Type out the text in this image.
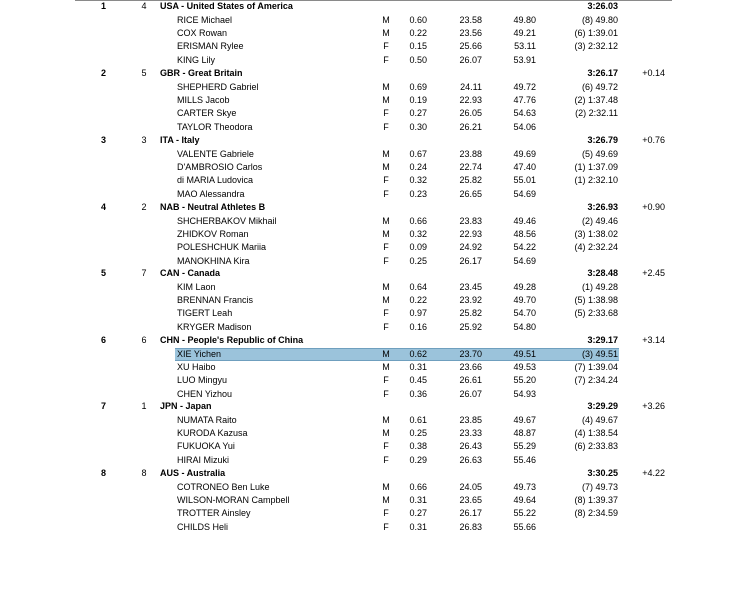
1	4	USA - United States of America	3:26.03
RICE Michael	M	0.60	23.58	49.80	(8) 49.80
COX Rowan	M	0.22	23.56	49.21	(6) 1:39.01
ERISMAN Rylee	F	0.15	25.66	53.11	(3) 2:32.12
KING Lily	F	0.50	26.07	53.91
2	5	GBR - Great Britain	3:26.17	+0.14
SHEPHERD Gabriel	M	0.69	24.11	49.72	(6) 49.72
MILLS Jacob	M	0.19	22.93	47.76	(2) 1:37.48
CARTER Skye	F	0.27	26.05	54.63	(2) 2:32.11
TAYLOR Theodora	F	0.30	26.21	54.06
3	3	ITA - Italy	3:26.79	+0.76
VALENTE Gabriele	M	0.67	23.88	49.69	(5) 49.69
D'AMBROSIO Carlos	M	0.24	22.74	47.40	(1) 1:37.09
di MARIA Ludovica	F	0.32	25.82	55.01	(1) 2:32.10
MAO Alessandra	F	0.23	26.65	54.69
4	2	NAB - Neutral Athletes B	3:26.93	+0.90
SHCHERBAKOV Mikhail	M	0.66	23.83	49.46	(2) 49.46
ZHIDKOV Roman	M	0.32	22.93	48.56	(3) 1:38.02
POLESHCHUK Mariia	F	0.09	24.92	54.22	(4) 2:32.24
MANOKHINA Kira	F	0.25	26.17	54.69
5	7	CAN - Canada	3:28.48	+2.45
KIM Laon	M	0.64	23.45	49.28	(1) 49.28
BRENNAN Francis	M	0.22	23.92	49.70	(5) 1:38.98
TIGERT Leah	F	0.97	25.82	54.70	(5) 2:33.68
KRYGER Madison	F	0.16	25.92	54.80
6	6	CHN - People's Republic of China	3:29.17	+3.14
XIE Yichen	M	0.62	23.70	49.51	(3) 49.51
XU Haibo	M	0.31	23.66	49.53	(7) 1:39.04
LUO Mingyu	F	0.45	26.61	55.20	(7) 2:34.24
CHEN Yizhou	F	0.36	26.07	54.93
7	1	JPN - Japan	3:29.29	+3.26
NUMATA Raito	M	0.61	23.85	49.67	(4) 49.67
KURODA Kazusa	M	0.25	23.33	48.87	(4) 1:38.54
FUKUOKA Yui	F	0.38	26.43	55.29	(6) 2:33.83
HIRAI Mizuki	F	0.29	26.63	55.46
8	8	AUS - Australia	3:30.25	+4.22
COTRONEO Ben Luke	M	0.66	24.05	49.73	(7) 49.73
WILSON-MORAN Campbell	M	0.31	23.65	49.64	(8) 1:39.37
TROTTER Ainsley	F	0.27	26.17	55.22	(8) 2:34.59
CHILDS Heli	F	0.31	26.83	55.66
